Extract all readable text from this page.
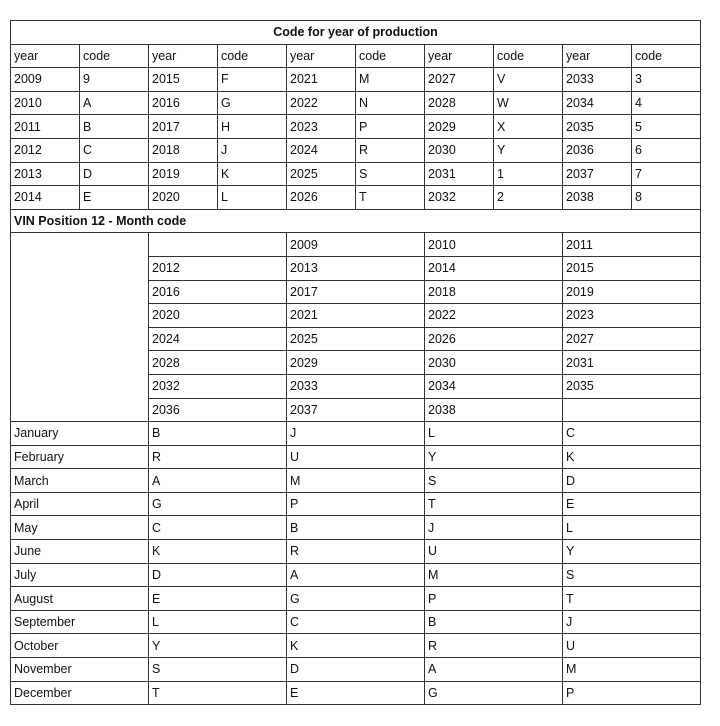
Code for year of production									
year	code	year	code	year	code	year	code	year	code
2009	9	2015	F	2021	M	2027	V	2033	3
2010	A	2016	G	2022	N	2028	W	2034	4
2011	B	2017	H	2023	P	2029	X	2035	5
2012	C	2018	J	2024	R	2030	Y	2036	6
2013	D	2019	K	2025	S	2031	1	2037	7
2014	E	2020	L	2026	T	2032	2	2038	8
VIN Position 12 - Month code									
				2009		2010		2011	
		2012		2013		2014		2015	
		2016		2017		2018		2019	
		2020		2021		2022		2023	
		2024		2025		2026		2027	
		2028		2029		2030		2031	
		2032		2033		2034		2035	
		2036		2037		2038			
January		B		J		L		C	
February		R		U		Y		K	
March		A		M		S		D	
April		G		P		T		E	
May		C		B		J		L	
June		K		R		U		Y	
July		D		A		M		S	
August		E		G		P		T	
September		L		C		B		J	
October		Y		K		R		U	
November		S		D		A		M	
December		T		E		G		P	
